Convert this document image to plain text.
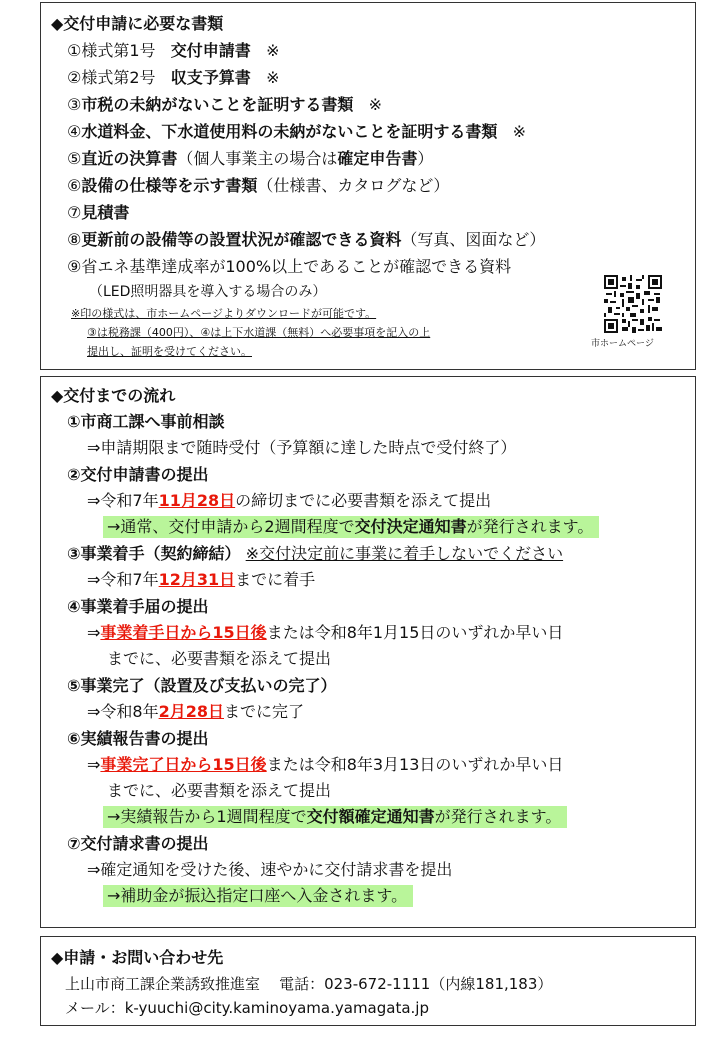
◆交付申請に必要な書類
①様式第1号 交付申請書 ※
②様式第2号 収支予算書 ※
③市税の未納がないことを証明する書類 ※
④水道料金、下水道使用料の未納がないことを証明する書類 ※
⑤直近の決算書（個人事業主の場合は確定申告書）
⑥設備の仕様等を示す書類（仕様書、カタログなど）
⑦見積書
⑧更新前の設備等の設置状況が確認できる資料（写真、図面など）
⑨省エネ基準達成率が100%以上であることが確認できる資料
（LED照明器具を導入する場合のみ）
※印の様式は、市ホームページよりダウンロードが可能です。
③は税務課（400円）、④は上下水道課（無料）へ必要事項を記入の上
提出し、証明を受けてください。
市ホームページ
◆交付までの流れ
①市商工課へ事前相談
⇒申請期限まで随時受付（予算額に達した時点で受付終了）
②交付申請書の提出
⇒令和7年11月28日の締切までに必要書類を添えて提出
→通常、交付申請から2週間程度で交付決定通知書が発行されます。
③事業着手（契約締結） ※交付決定前に事業に着手しないでください
⇒令和7年12月31日までに着手
④事業着手届の提出
⇒事業着手日から15日後または令和8年1月15日のいずれか早い日
までに、必要書類を添えて提出
⑤事業完了（設置及び支払いの完了）
⇒令和8年2月28日までに完了
⑥実績報告書の提出
⇒事業完了日から15日後または令和8年3月13日のいずれか早い日
までに、必要書類を添えて提出
→実績報告から1週間程度で交付額確定通知書が発行されます。
⑦交付請求書の提出
⇒確定通知を受けた後、速やかに交付請求書を提出
→補助金が振込指定口座へ入金されます。
◆申請・お問い合わせ先
上山市商工課企業誘致推進室 電話：023-672-1111（内線181,183）
メール：k-yuuchi@city.kaminoyama.yamagata.jp
